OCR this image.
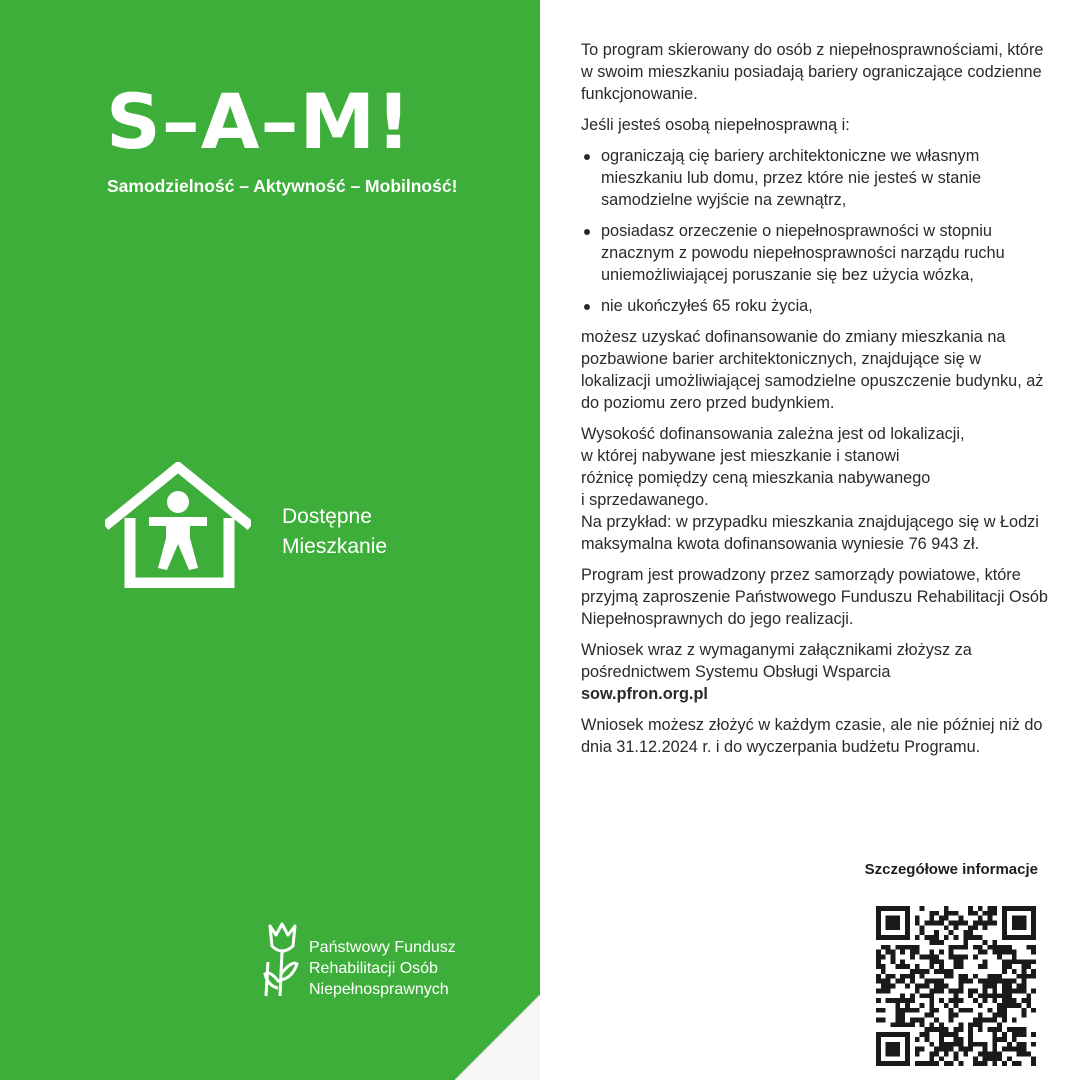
S–A–M!
Samodzielność – Aktywność – Mobilność!
Dostępne
Mieszkanie
Państwowy Fundusz
Rehabilitacji Osób
Niepełnosprawnych

To program skierowany do osób z niepełnosprawnościami, które w swoim mieszkaniu posiadają bariery ograniczające codzienne funkcjonowanie.

Jeśli jesteś osobą niepełnosprawną i:

ograniczają cię bariery architektoniczne we własnym mieszkaniu lub domu, przez które nie jesteś w stanie samodzielne wyjście na zewnątrz,
posiadasz orzeczenie o niepełnosprawności w stopniu znacznym z powodu niepełnosprawności narządu ruchu uniemożliwiającej poruszanie się bez użycia wózka,
nie ukończyłeś 65 roku życia,

możesz uzyskać dofinansowanie do zmiany mieszkania na pozbawione barier architektonicznych, znajdujące się w lokalizacji umożliwiającej samodzielne opuszczenie budynku, aż do poziomu zero przed budynkiem.

Wysokość dofinansowania zależna jest od lokalizacji,
w której nabywane jest mieszkanie i stanowi
różnicę pomiędzy ceną mieszkania nabywanego
i sprzedawanego.

Na przykład: w przypadku mieszkania znajdującego się w Łodzi maksymalna kwota dofinansowania wyniesie 76 943 zł.

Program jest prowadzony przez samorządy powiatowe, które przyjmą zaproszenie Państwowego Funduszu Rehabilitacji Osób Niepełnosprawnych do jego realizacji.

Wniosek wraz z wymaganymi załącznikami złożysz za pośrednictwem Systemu Obsługi Wsparcia
sow.pfron.org.pl

Wniosek możesz złożyć w każdym czasie, ale nie później niż do dnia 31.12.2024 r. i do wyczerpania budżetu Programu.

Szczegółowe informacje
